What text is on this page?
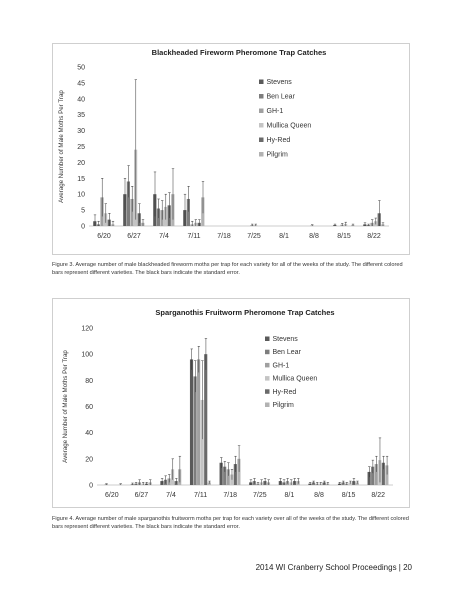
Blackheaded Fireworm Pheromone Trap Catches
Average Number of Male Moths Per Trap
0
5
10
15
20
25
30
35
40
45
50
6/20 6/27	7/4	7/11 7/18 7/25	8/1	8/8	8/15 8/22
Stevens
Ben Lear
GH-1
Mullica Queen
Hy-Red
Pilgrim
Figure 3. Average number of male blackheaded fireworm moths per trap for each variety for all of the weeks of the study. The different colored bars represent different varieties. The black bars indicate the standard error.
Sparganothis Fruitworm Pheromone Trap Catches
Average Number of Male Moths Per Trap
0
20
40
60
80
100
120
6/20 6/27	7/4	7/11 7/18 7/25	8/1	8/8	8/15 8/22
Stevens
Ben Lear
GH-1
Mullica Queen
Hy-Red
Pilgrim
Figure 4. Average number of male sparganothis fruitworm moths per trap for each variety over all of the weeks of the study. The different colored bars represent different varieties. The black bars indicate the standard error.
2014 WI Cranberry School Proceedings | 20
